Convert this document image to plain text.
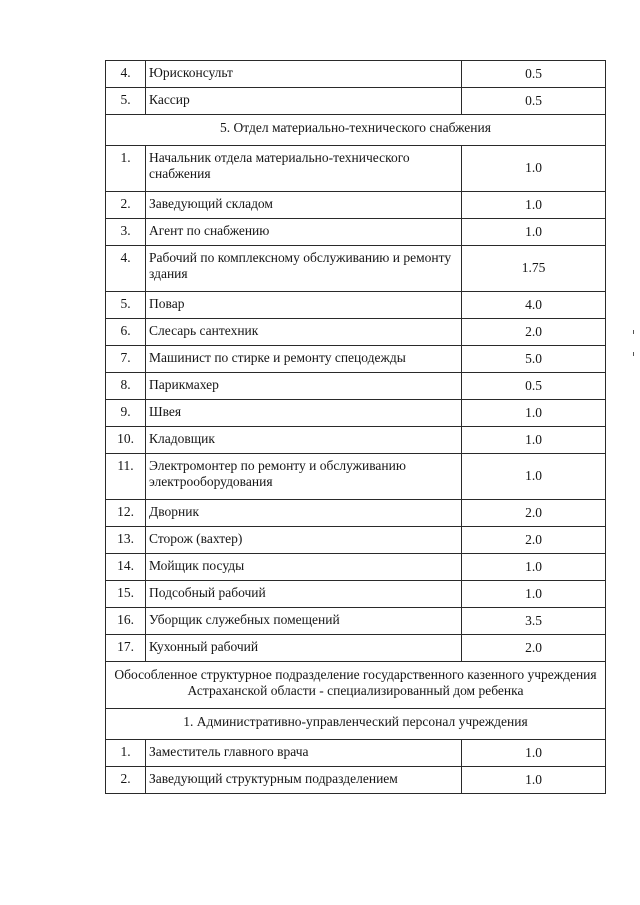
4.	Юрисконсульт	0.5
5.	Кассир	0.5
5. Отдел материально-технического снабжения		
1.	Начальник отдела материально-технического снабжения	1.0
2.	Заведующий складом	1.0
3.	Агент по снабжению	1.0
4.	Рабочий по комплексному обслуживанию и ремонту здания	1.75
5.	Повар	4.0
6.	Слесарь сантехник	2.0
7.	Машинист по стирке и ремонту спецодежды	5.0
8.	Парикмахер	0.5
9.	Швея	1.0
10.	Кладовщик	1.0
11.	Электромонтер по ремонту и обслуживанию электрооборудования	1.0
12.	Дворник	2.0
13.	Сторож (вахтер)	2.0
14.	Мойщик посуды	1.0
15.	Подсобный рабочий	1.0
16.	Уборщик служебных помещений	3.5
17.	Кухонный рабочий	2.0
Обособленное структурное подразделение государственного казенного учреждения Астраханской области - специализированный дом ребенка		
1. Административно-управленческий персонал учреждения		
1.	Заместитель главного врача	1.0
2.	Заведующий структурным подразделением	1.0
